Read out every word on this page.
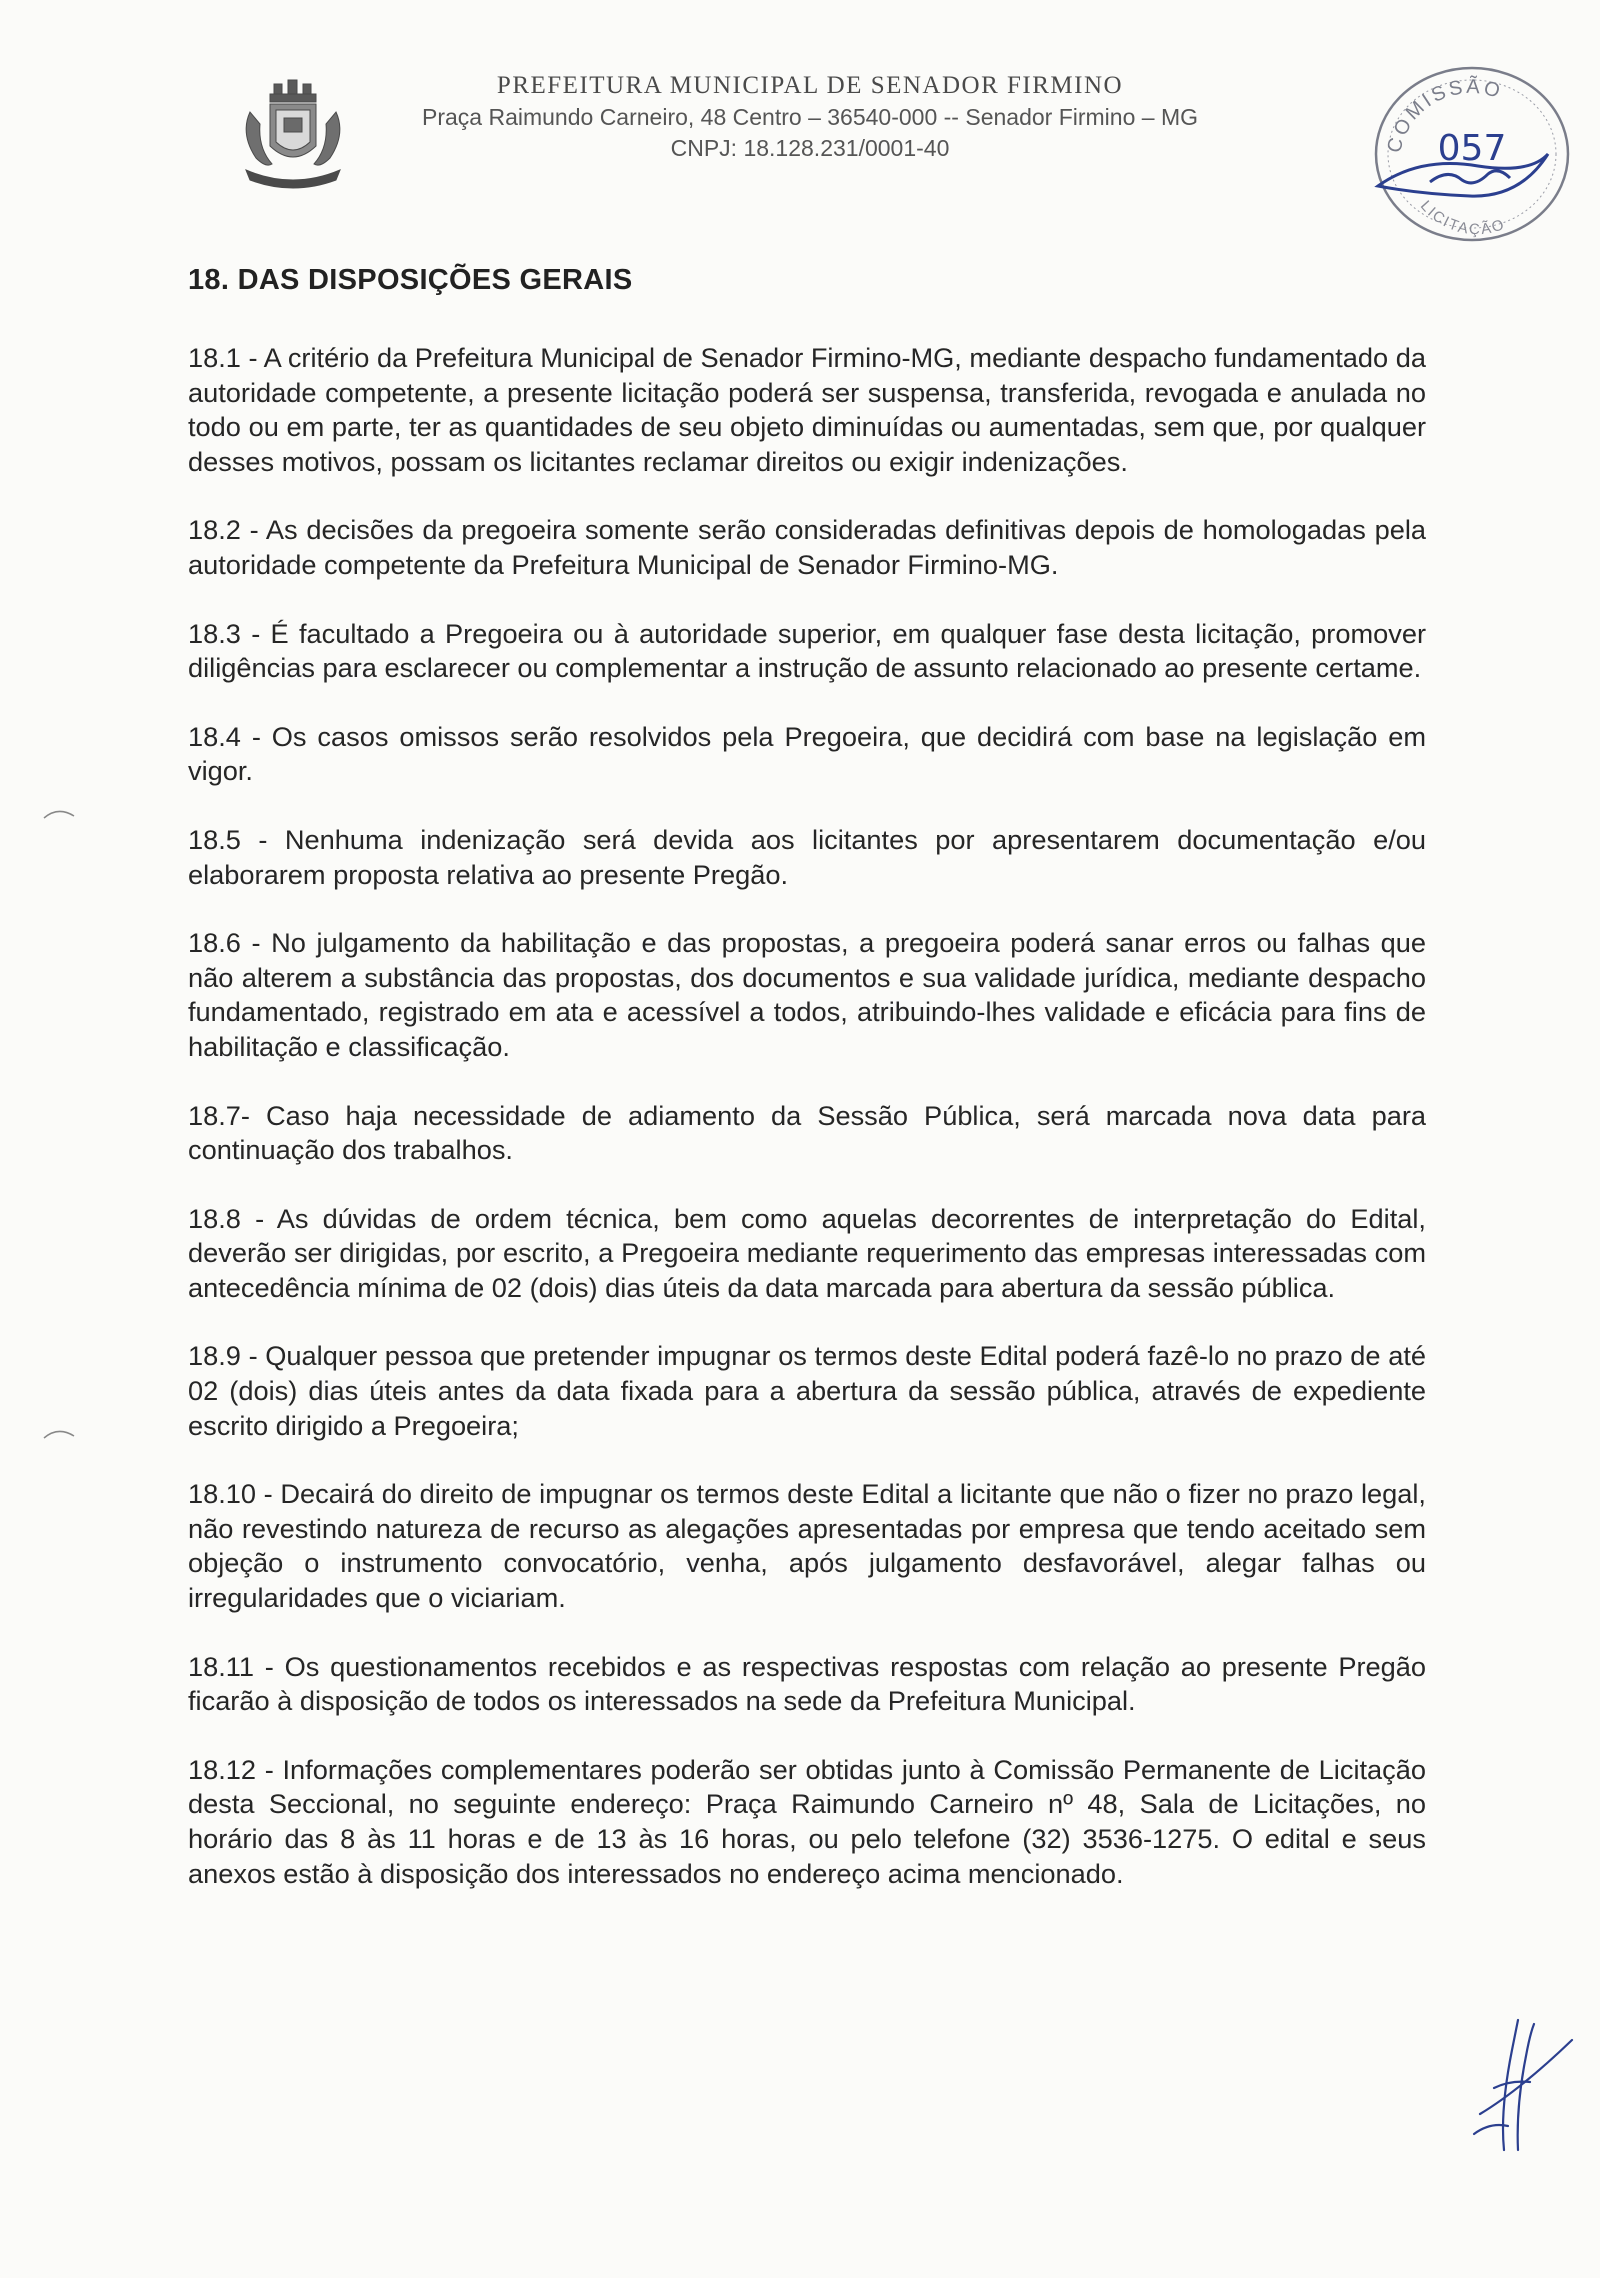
PREFEITURA MUNICIPAL DE SENADOR FIRMINO
Praça Raimundo Carneiro, 48 Centro – 36540-000 -- Senador Firmino – MG
CNPJ: 18.128.231/0001-40	COMISSÃO
LICITAÇÃO
057
18. DAS DISPOSIÇÕES GERAIS

18.1 - A critério da Prefeitura Municipal de Senador Firmino-MG, mediante despacho fundamentado da autoridade competente, a presente licitação poderá ser suspensa, transferida, revogada e anulada no todo ou em parte, ter as quantidades de seu objeto diminuídas ou aumentadas, sem que, por qualquer desses motivos, possam os licitantes reclamar direitos ou exigir indenizações.

18.2 - As decisões da pregoeira somente serão consideradas definitivas depois de homologadas pela autoridade competente da Prefeitura Municipal de Senador Firmino-MG.

18.3 - É facultado a Pregoeira ou à autoridade superior, em qualquer fase desta licitação, promover diligências para esclarecer ou complementar a instrução de assunto relacionado ao presente certame.

18.4 - Os casos omissos serão resolvidos pela Pregoeira, que decidirá com base na legislação em vigor.

18.5 - Nenhuma indenização será devida aos licitantes por apresentarem documentação e/ou elaborarem proposta relativa ao presente Pregão.

18.6 - No julgamento da habilitação e das propostas, a pregoeira poderá sanar erros ou falhas que não alterem a substância das propostas, dos documentos e sua validade jurídica, mediante despacho fundamentado, registrado em ata e acessível a todos, atribuindo-lhes validade e eficácia para fins de habilitação e classificação.

18.7- Caso haja necessidade de adiamento da Sessão Pública, será marcada nova data para continuação dos trabalhos.

18.8 - As dúvidas de ordem técnica, bem como aquelas decorrentes de interpretação do Edital, deverão ser dirigidas, por escrito, a Pregoeira mediante requerimento das empresas interessadas com antecedência mínima de 02 (dois) dias úteis da data marcada para abertura da sessão pública.

18.9 - Qualquer pessoa que pretender impugnar os termos deste Edital poderá fazê-lo no prazo de até 02 (dois) dias úteis antes da data fixada para a abertura da sessão pública, através de expediente escrito dirigido a Pregoeira;

18.10 - Decairá do direito de impugnar os termos deste Edital a licitante que não o fizer no prazo legal, não revestindo natureza de recurso as alegações apresentadas por empresa que tendo aceitado sem objeção o instrumento convocatório, venha, após julgamento desfavorável, alegar falhas ou irregularidades que o viciariam.

18.11 - Os questionamentos recebidos e as respectivas respostas com relação ao presente Pregão ficarão à disposição de todos os interessados na sede da Prefeitura Municipal.

18.12 - Informações complementares poderão ser obtidas junto à Comissão Permanente de Licitação desta Seccional, no seguinte endereço: Praça Raimundo Carneiro nº 48, Sala de Licitações, no horário das 8 às 11 horas e de 13 às 16 horas, ou pelo telefone (32) 3536-1275. O edital e seus anexos estão à disposição dos interessados no endereço acima mencionado.
